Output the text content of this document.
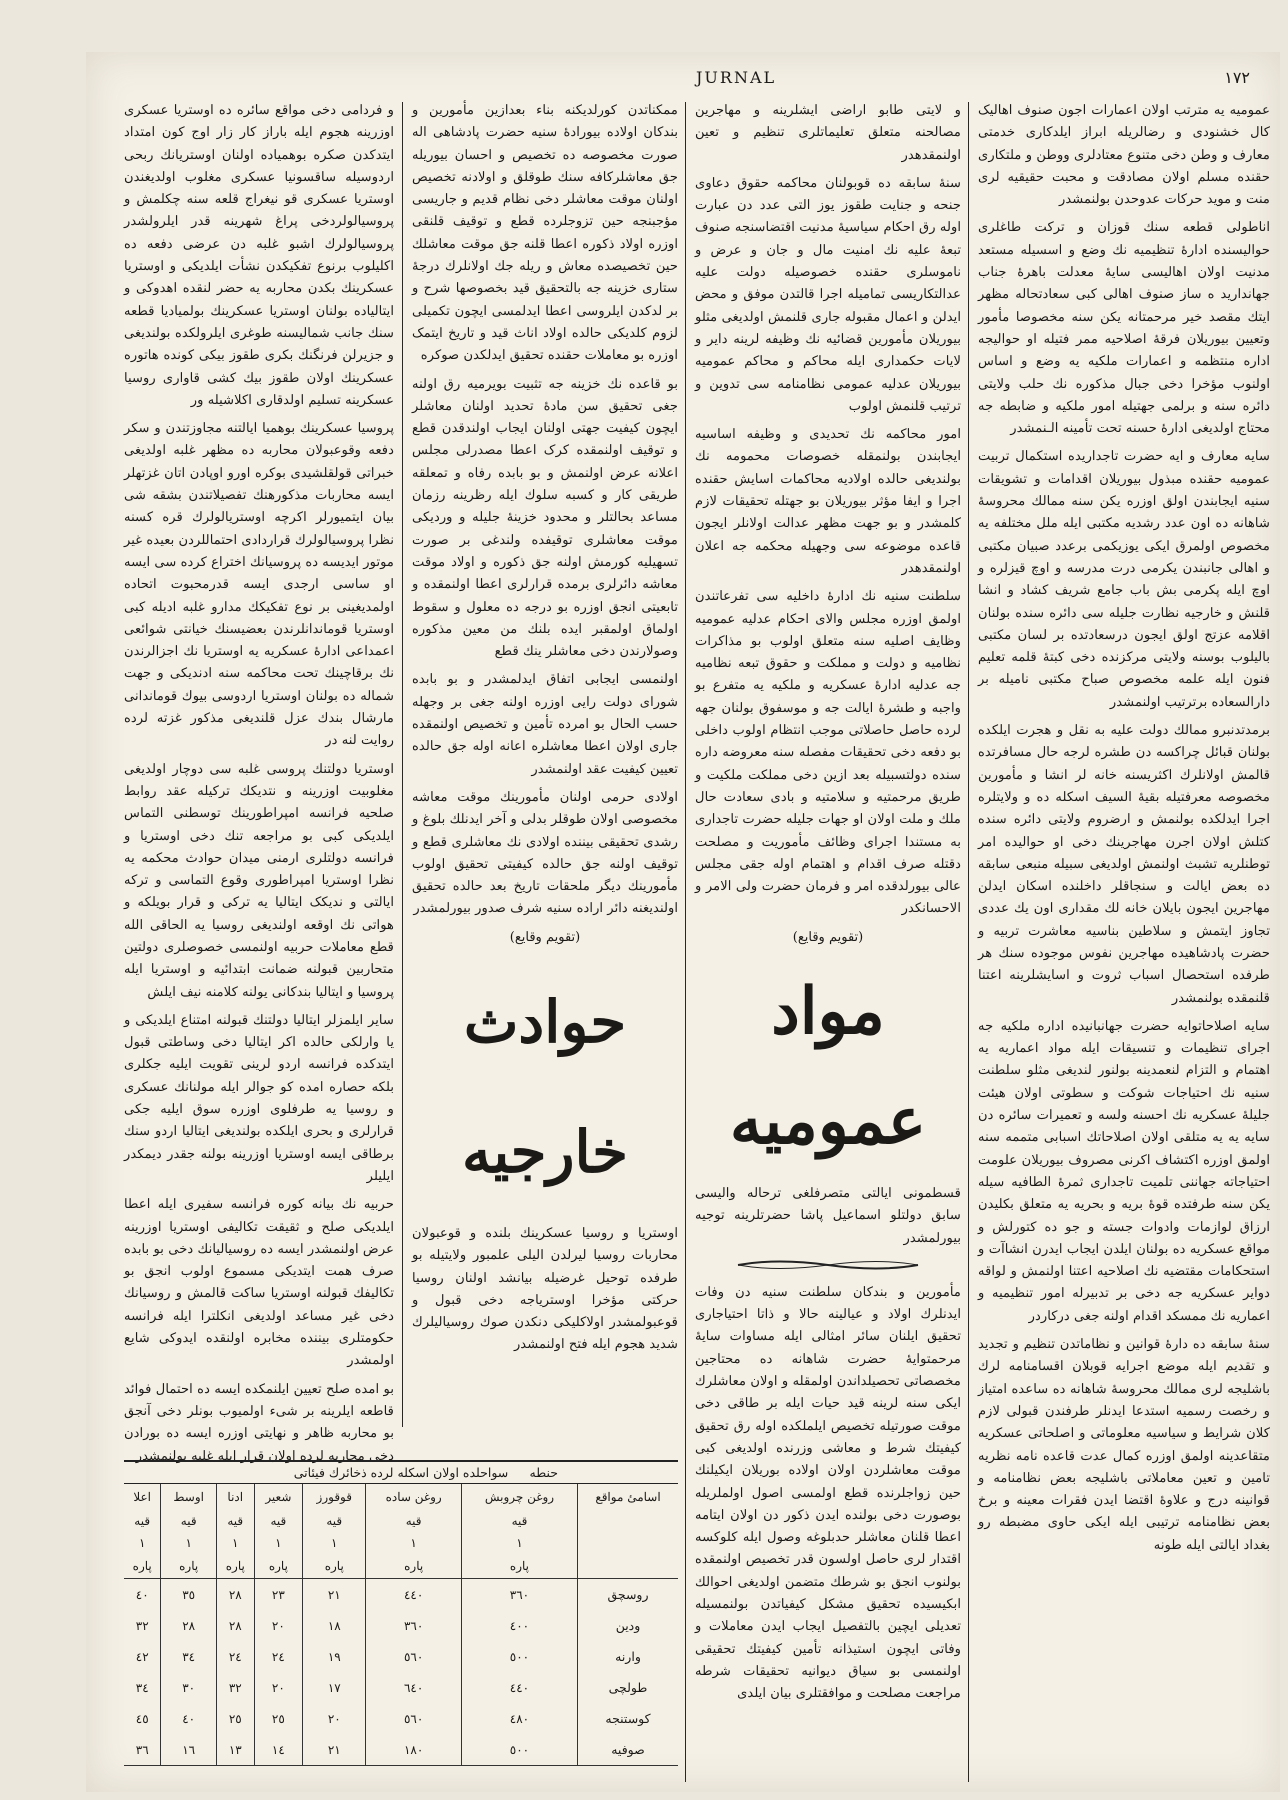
١٧٢
JURNAL

عمومیه یه مترتب اولان اعمارات اجون صنوف اهالیک کال خشنودی و رضالریله ابراز ایلدکاری خدمتی معارف و وطن دخی متنوع معتادلری ووطن و ملتکاری حقنده مسلم اولان مصادقت و محبت حقیقیه لری منت و موید حرکات عدوحدن بولنمشدر

اناطولی قطعه سنك قوزان و ترکت طاغلری حوالیسنده ادارهٔ تنظیمیه نك وضع و اسسیله مستعد مدنیت اولان اهالیسی سایهٔ معدلت باهرهٔ جناب جهاندارید ه ساز صنوف اهالی کبی سعادتحاله مظهر ایتك مقصد خیر مرحمتانه یکن سنه مخصوصا مأمور وتعیین بیوریلان فرقهٔ اصلاحیه ممر فتیله او حوالیجه اداره منتظمه و اعمارات ملکیه یه وضع و اساس اولنوب مؤخرا دخی جبال مذکوره نك حلب ولایتی دائره سنه و برلمی جهتیله امور ملکیه و ضابطه جه محتاج اولدیغی ادارهٔ حسنه تحت تأمینه الـنمشدر

سایه معارف و ایه حضرت تاجداریده استکمال تربیت عمومیه حقنده مبذول بیوریلان اقدامات و تشویقات سنیه ایجابندن اولق اوزره یکن سنه ممالك محروسهٔ شاهانه ده اون عدد رشدیه مکتبی ایله ملل مختلفه یه مخصوص اولمرق ایکی یوزیکمی برعدد صبیان مکتبی و اهالی جانبندن یکرمی درت مدرسه و اوچ قیزلره و اوچ ایله پکرمی بش باب جامع شریف کشاد و انشا قلنش و خارجیه نظارت جلیله سی دائره سنده بولنان اقلامه عزتج اولق ایجون درسعادتده بر لسان مکتبی بالیلوب بوسنه ولایتی مرکزنده دخی کبتهٔ قلمه تعلیم فنون ایله علمه مخصوص صباح مکتبی نامیله بر دارالسعاده برترتیب اولنمشدر

برمدتدنبرو ممالك دولت علیه به نقل و هجرت ایلکده بولنان قبائل چراکسه دن طشره لرجه حال مسافرتده قالمش اولانلرك اکثریسنه خانه لر انشا و مأمورین مخصوصه معرفتیله بقیهٔ السیف اسکله ده و ولایتلره اجرا ایدلکده بولنمش و ارضروم ولایتی دائره سنده کتلش اولان اجرن مهاجرینك دخی او حوالیده امر توطنلریه تشبث اولنمش اولدیغی سبیله منبعی سابقه ده بعض ایالت و سنجاقلر داخلنده اسکان ایدلن مهاجرین ایجون بایلان خانه لك مقداری اون یك عددی تجاوز ایتمش و سلاطین بناسیه معاشرت تربیه و حضرت پادشاهیده مهاجرین نفوس موجوده سنك هر طرفده استحصال اسباب ثروت و اسایشلرینه اعتنا قلنمقده بولنمشدر

سایه اصلاحاتوایه حضرت جهانبانیده اداره ملکیه جه اجرای تنظیمات و تنسیقات ایله مواد اعماریه یه اهتمام و التزام لنعمدینه بولنور لندیغی مثلو سلطنت سنیه نك احتیاجات شوکت و سطوتی اولان هیئت جلیلهٔ عسکریه نك احسنه ولسه و تعمیرات سائره دن سایه یه یه متلقی اولان اصلاحاتك اسبابی متممه سنه اولمق اوزره اکتشاف اکرنی مصروف بیوریلان علومت احتیاجاته جهاننی تلمیت تاجداری ثمرهٔ الطافیه سیله یکن سنه طرفتده قوهٔ بریه و بحریه یه متعلق بکلیدن ارزاق لوازمات وادوات جسته و جو ده کتورلش و مواقع عسکریه ده بولنان ایلدن ایجاب ایدرن انشاآت و استحکامات مقتضیه نك اصلاحیه اعتنا اولنمش و لواقه دوایر عسکریه جه دخی بر تدبیرله امور تنظیمیه و اعماریه نك ممسکد اقدام اولنه جغی درکاردر

سنهٔ سابقه ده دارهٔ قوانین و نظاماتدن تنظیم و تجدید و تقدیم ایله موضع اجرایه قوبلان اقسامنامه لرك باشلیجه لری ممالك محروسهٔ شاهانه ده ساعده امتیاز و رخصت رسمیه استدعا ایدنلر طرفندن قبولی لازم کلان شرایط و سیاسیه معلوماتی و اصلحاتی عسکریه متقاعدینه اولمق اوزره کمال عدت قاعده نامه نظریه تامین و تعین معاملاتی باشلیجه بعض نظامنامه و قوانینه درج و علاوهٔ اقتضا ایدن فقرات معینه و برخ بعض نظامنامه ترتیبی ایله ایکی حاوی مضبطه رو بغداد ایالتی ایله طونه

و لایتی طابو اراضی ایشلرینه و مهاجرین مصالحنه متعلق تعلیماتلری تنظیم و تعین اولنمقدهدر

سنهٔ سابقه ده قوبولنان محاکمه حقوق دعاوی جنحه و جنایت طقوز یوز التی عدد دن عبارت اوله رق احکام سیاسیهٔ مدنیت اقتضاسنجه صنوف تبعهٔ علیه نك امنیت مال و جان و عرض و ناموسلری حقنده خصوصیله دولت علیه عدالتکاریسی تمامیله اجرا قالتدن موفق و محض ایدلن و اعمال مقبوله جاری قلنمش اولدیغی مثلو بیوریلان مأمورین قضائیه نك وظیفه لرینه دایر و لایات حکمداری ایله محاکم و محاکم عمومیه بیوریلان عدلیه عمومی نظامنامه سی تدوین و ترتیب قلنمش اولوب

امور محاکمه نك تحدیدی و وظیفه اساسیه ایجابندن بولنمقله خصوصات محمومه نك بولندیغی حالده اولادیه محاکمات اسایش حقنده اجرا و ایفا مؤثر بیوریلان بو جهتله تحقیقات لازم کلمشدر و بو جهت مظهر عدالت اولانلر ایجون قاعده موضوعه سی وجهیله محکمه جه اعلان اولنمقدهدر

سلطنت سنیه نك ادارهٔ داخلیه سی تفرعاتندن اولمق اوزره مجلس والای احکام عدلیه عمومیه وظایف اصلیه سنه متعلق اولوب بو مذاکرات نظامیه و دولت و مملکت و حقوق تبعه نظامیه جه عدلیه ادارهٔ عسکریه و ملکیه یه متفرع بو واجبه و طشرهٔ ایالت جه و موسفوق بولنان جهه لرده حاصل حاصلاتی موجب انتظام اولوب داخلی بو دفعه دخی تحقیقات مفصله سنه معروضه داره سنده دولتسبیله بعد ازین دخی مملکت ملکیت و طریق مرحمتیه و سلامتیه و بادی سعادت حال ملك و ملت اولان او جهات جلیله حضرت تاجداری به مستندا اجرای وظائف مأموریت و مصلحت دقتله صرف اقدام و اهتمام اوله جقی مجلس عالی بیورلدقده امر و فرمان حضرت ولی الامر و الاحسانکدر

(تقویم وقایع)
مواد عمومیه

قسطمونی ایالتی متصرفلغی ترحاله والیسی سابق دولتلو اسماعیل پاشا حضرتلرینه توجیه بیورلمشدر

مأمورین و بندکان سلطنت سنیه دن وفات ایدنلرك اولاد و عیالینه حالا و ذاتا احتیاجاری تحقیق ایلنان سائر امثالی ایله مساوات سایهٔ مرحمتوایهٔ حضرت شاهانه ده محتاجین مخصصاتی تحصیلداندن اولمقله و اولان معاشلرك ایکی سنه لرینه قید حیات ایله بر طاقی دخی موقت صورتیله تخصیص ایلملکده اوله رق تحقیق کیفیتك شرط و معاشی وزرنده اولدیغی کبی موقت معاشلردن اولان اولاده بوریلان ایکیلنك حین زواجلرنده قطع اولمسی اصول اولملریله بوصورت دخی بولنده ایدن ذکور دن اولان ایتامه اعطا قلنان معاشلر حدبلوغه وصول ایله کلوکسه اقتدار لری حاصل اولسون قدر تخصیص اولنمقده بولنوب انجق بو شرطك متضمن اولدیغی احوالك ابکیسیده تحقیق مشکل کیفیاتدن بولنمسیله تعدیلی ایچین بالتفصیل ایجاب ایدن معاملات و وفاتی ایچون استیذانه تأمین کیفیتك تحقیقی اولنمسی بو سیاق دیوانیه تحقیقات شرطه مراجعت مصلحت و موافقتلری بیان ایلدی

ممکناتدن کورلدیکنه بناء بعدازین مأمورین و بندکان اولاده بیوراده‌ٔ سنیه حضرت پادشاهی اله صورت مخصوصه ده تخصیص و احسان بیوریله جق معاشلرکافه سنك طوقلق و اولادنه تخصیص اولنان موقت معاشلر دخی نظام قدیم و جاریسی مؤجبنجه حین تزوجلرده قطع و توقیف قلنقی اوزره اولاد ذکوره اعطا قلنه جق موقت معاشلك حین تخصیصده معاش و ریله جك اولانلرك درجهٔ ستاری خزینه جه بالتحقیق قید بخصوصها شرح و بر لدکدن ایلروسی اعطا ایدلمسی ایچون تکمیلی لزوم کلدیکی حالده اولاد اناث قید و تاریخ ایتمک اوزره بو معاملات حقنده تحقیق ایدلکدن صوکره

بو قاعده نك خزینه جه تثبیت بویرمیه رق اولنه جغی تحقیق سن مادهٔ تحدید اولنان معاشلر ایچون کیفیت جهتی اولنان ایجاب اولندقدن قطع و توقیف اولنمقده کرک اعطا مصدرلی مجلس اعلانه عرض اولنمش و بو بابده رفاه و تمعلقه طریقی کار و کسبه سلوك ایله رظرینه رزمان مساعد بحالتلر و محدود خزینهٔ جلیله و وردیکی موقت معاشلری توقیفده ولندغی بر صورت تسهیلیه کورمش اولنه جق ذکوره و اولاد موقت معاشه دائرلری برمده قرارلری اعطا اولنمقده و تابعیتی انجق اوزره بو درجه ده معلول و سقوط اولماق اولمقبر ایده بلنك من معین مذکوره وصولارندن دخی معاشلر ینك قطع

اولنمسی ایجابی اتفاق ایدلمشدر و بو بابده شورای دولت رایی اوزره اولنه جغی بر وجهله حسب الحال بو امرده تأمین و تخصیص اولنمقده جاری اولان اعطا معاشلره اعانه اوله جق حالده تعیین کیفیت عقد اولنمشدر

اولادی حرمی اولنان مأمورینك موقت معاشه مخصوصی اولان طوقلر بدلی و آخر ایدنلك بلوغ و رشدی تحقیقی بیننده اولادی نك معاشلری قطع و توقیف اولنه جق حالده کیفیتی تحقیق اولوب مأمورینك دیگر ملحقات تاریخ بعد حالده تحقیق اولندیغنه دائر اراده سنیه شرف صدور بیورلمشدر

(تقویم وقایع)
حوادث خارجیه

اوستریا و روسیا عسکرینك بلنده و قوعبولان محاربات روسیا لیرلدن الیلی علمبور ولایتیله بو طرفده توحیل غرضیله بیانشد اولنان روسیا حرکتی مؤخرا اوستریاجه دخی قبول و قوعبولمشدر اولاکلیکی دنکدن صوك روسیالیلرك شدید هجوم ایله فتح اولنمشدر

و فردامی دخی مواقع سائره ده اوستریا عسکری اوزرینه هجوم ایله باراز کار زار اوج کون امتداد ایتدکدن صکره بوهمیاده اولنان اوستریانك ربحی اردوسیله ساقسونیا عسکری مغلوب اولدیغندن اوستریا عسکری قو نیغراج قلعه سنه چکلمش و پروسیالولردخی پراغ شهرینه قدر ایلرولشدر پروسیالولرك اشبو غلبه دن عرضی دفعه ده اکلیلوب برنوع تفکیکدن نشأت ایلدیکی و اوستریا عسکرینك بکدن محاربه یه حضر لنقده اهدوکی و ایتالیاده بولنان اوستریا عسکرینك بولمیادیا قطعه سنك جانب شمالیسنه طوغری ایلرولکده بولندیغی و جزیرلن فرنگنك بکری طقوز بیکی کونده هاتوره عسکرینك اولان طقوز بیك کشی قاواری روسیا عسکرینه تسلیم اولدقاری اکلاشیله ور

پروسیا عسکرینك بوهمیا ایالتنه مجاوزتندن و سکر دفعه وقوعبولان محاربه ده مظهر غلبه اولدیغی خبراتی قولقلشیدی بوکره اورو اوپادن اتان غزتهلر ایسه محاربات مذکورهنك تفصیلاتندن بشقه شی بیان ایتمیورلر اکرچه اوستریالولرك قره کسنه نظرا پروسیالولرك قراردادی احتماللردن بعیده غیر موتور ایدیسه ده پروسیانك اختراع کرده سی ایسه او ساسی ارجدی ایسه قدرمحبوت اتحاده اولمدیغینی بر نوع تفکیکك مدارو غلبه ادیله کبی اوستریا قوماندانلرندن بعضیسنك خیانتی شوائعی اعمداعی ادارهٔ عسکریه یه اوستریا نك اجزالرندن نك برقاچینك تحت محاکمه سنه ادندیکی و جهت شماله ده بولنان اوستریا اردوسی بیوك قوماندانی مارشال بندك عزل قلندیغی مذکور غزته لرده روایت لنه در

اوستریا دولتنك پروسی غلبه سی دوچار اولدیغی مغلوبیت اوزرینه و نتدیکك ترکیله عقد روابط صلحیه فرانسه امپراطورینك توسطنی التماس ایلدیکی کبی بو مراجعه تنك دخی اوستریا و فرانسه دولتلری ارمنی میدان حوادث محکمه یه نظرا اوستریا امپراطوری وقوع التماسی و ترکه ایالتی و ندیکک ایتالیا یه ترکی و قرار بویلكه و هواتی نك اوقعه اولندیغی روسیا یه الحاقی الله قطع معاملات حربیه اولنمسی خصوصلری دولتین متحاربین قبولنه ضمانت ابتدائیه و اوستریا ایله پروسیا و ایتالیا بندکانی یولنه کلامنه نیف ایلش

سایر ایلمزلر ایتالیا دولتنك قبولنه امتناع ایلدیکی و یا وارلکی حالده اکر ایتالیا دخی وساطتی قبول ایتدکده فرانسه اردو لرینی تقویت ایلیه جکلری بلکه حصاره امده کو جوالر ایله مولنانك عسکری و روسیا یه طرفلوی اوزره سوق ایلیه جکی قرارلری و بحری ایلکده بولندیغی ایتالیا اردو سنك برطاقی ایسه اوستریا اوزرینه بولنه جقدر دیمکدر ایلیلر

حربیه نك بیانه کوره فرانسه سفیری ایله اعطا ایلدیکی صلح و ثقیقت تکالیفی اوستریا اوزرینه عرض اولنمشدر ایسه ده روسیالیانك دخی بو بابده صرف همت ایتدیکی مسموع اولوب انجق بو تکالیفك قبولنه اوستریا ساکت قالمش و روسیانك دخی غیر مساعد اولدیغی انکلترا ایله فرانسه حکومتلری بیننده مخابره اولنقده ایدوکی شایع اولمشدر

بو امده صلح تعیین ایلنمکده ایسه ده احتمال فوائد قاطعه ایلرینه بر شیء اولمیوب بونلر دخی آنجق بو محاربه ظاهر و نهایتی اوزره ایسه ده بورادن دخی محاربه لرده اولان قرار ایله غلبه بولنمشدر

سواحلده اولان اسکله لرده ذخائرك فیئاتی حنطه
اسامئ مواقع	روغن چروبش	روغن ساده	قوقورز	شعیر	ادنا	اوسط	اعلا
	قیه	قیه	قیه	قیه	قیه	قیه	قیه
	١	١	١	١	١	١	١
	پاره	پاره	پاره	پاره	پاره	پاره	پاره
روسچق	٣٦٠	٤٤٠	٢١	٢٣	٢٨	٣٥	٤٠
ودین	٤٠٠	٣٦٠	١٨	٢٠	٢٨	٢٨	٣٢
وارنه	٥٠٠	٥٦٠	١٩	٢٤	٢٤	٣٤	٤٢
طولچی	٤٤٠	٦٤٠	١٧	٢٠	٣٢	٣٠	٣٤
کوستنجه	٤٨٠	٥٦٠	٢٠	٢٥	٢٥	٤٠	٤٥
صوفیه	٥٠٠	١٨٠	٢١	١٤	١٣	١٦	٣٦
